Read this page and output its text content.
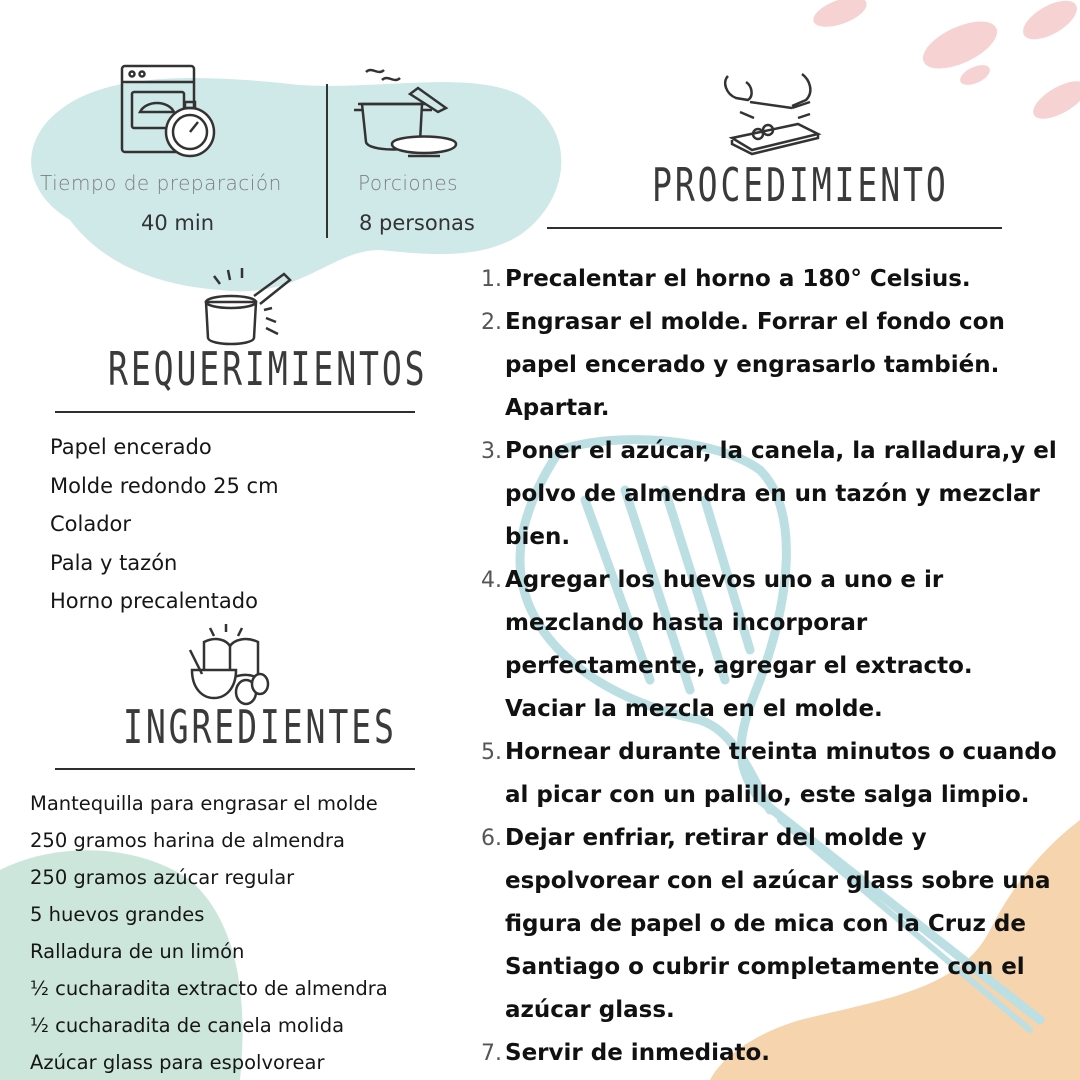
Tiempo de preparación
40 min
Porciones
8 personas
PROCEDIMIENTO
REQUERIMIENTOS
Papel encerado
Molde redondo 25 cm
Colador
Pala y tazón
Horno precalentado
INGREDIENTES
Mantequilla para engrasar el molde
250 gramos harina de almendra
250 gramos azúcar regular
5 huevos grandes
Ralladura de un limón
½ cucharadita extracto de almendra
½ cucharadita de canela molida
Azúcar glass para espolvorear
1. Precalentar el horno a 180° Celsius.
2. Engrasar el molde. Forrar el fondo con papel encerado y engrasarlo también. Apartar.
3. Poner el azúcar, la canela, la ralladura,y el polvo de almendra en un tazón y mezclar bien.
4. Agregar los huevos uno a uno e ir mezclando hasta incorporar perfectamente, agregar el extracto. Vaciar la mezcla en el molde.
5. Hornear durante treinta minutos o cuando al picar con un palillo, este salga limpio.
6. Dejar enfriar, retirar del molde y espolvorear con el azúcar glass sobre una figura de papel o de mica con la Cruz de Santiago o cubrir completamente con el azúcar glass.
7. Servir de inmediato.
